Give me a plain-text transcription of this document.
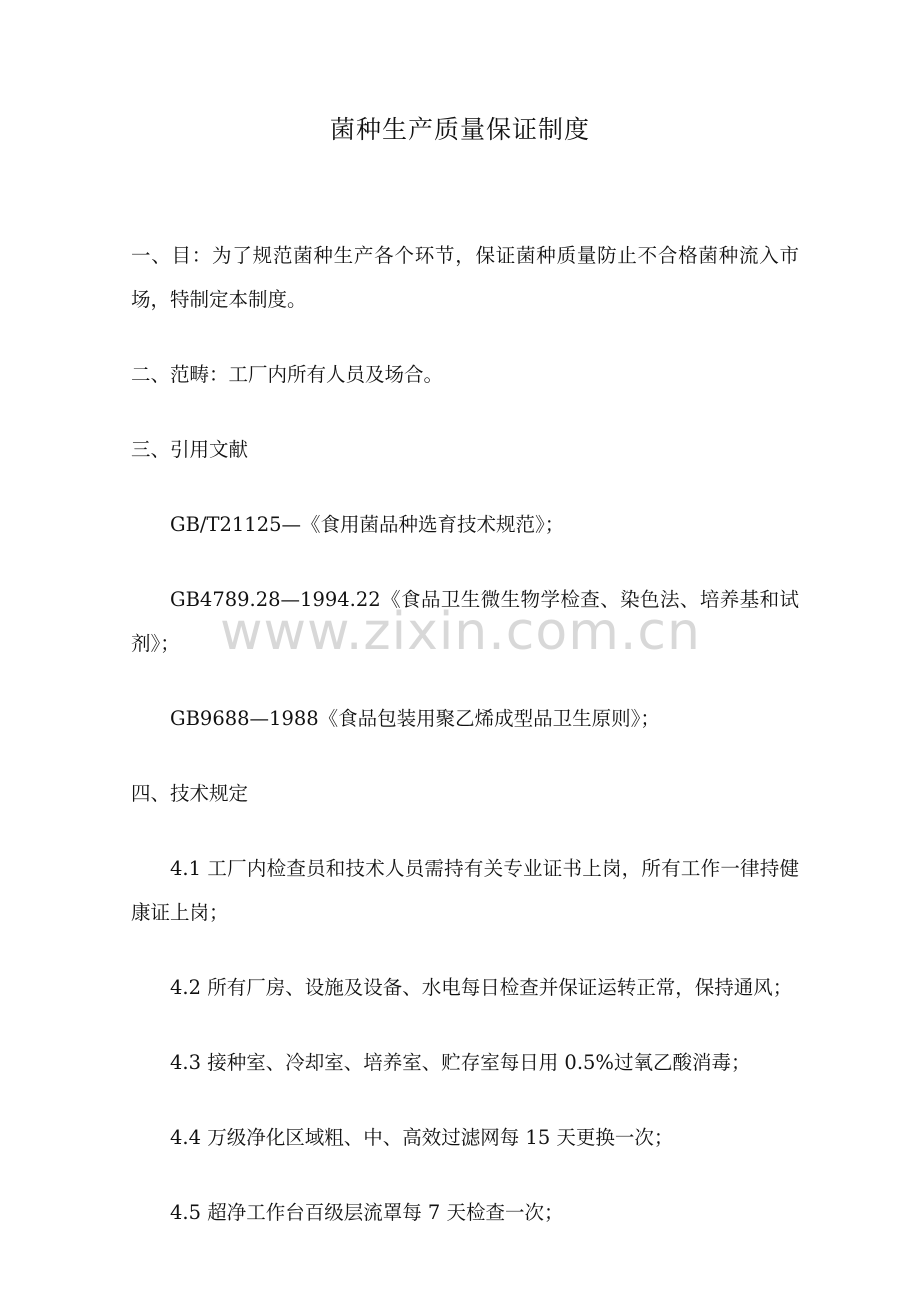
菌种生产质量保证制度

一、目：为了规范菌种生产各个环节，保证菌种质量防止不合格菌种流入市场，特制定本制度。

二、范畴：工厂内所有人员及场合。

三、引用文献

GB/T21125—《食用菌品种选育技术规范》；

GB4789.28—1994.22《食品卫生微生物学检查、染色法、培养基和试剂》；

GB9688—1988《食品包装用聚乙烯成型品卫生原则》；

四、技术规定

4.1 工厂内检查员和技术人员需持有关专业证书上岗，所有工作一律持健康证上岗；

4.2 所有厂房、设施及设备、水电每日检查并保证运转正常，保持通风；

4.3 接种室、冷却室、培养室、贮存室每日用 0.5%过氧乙酸消毒；

4.4 万级净化区域粗、中、高效过滤网每 15 天更换一次；

4.5 超净工作台百级层流罩每 7 天检查一次；

www.zixin.com.cn
